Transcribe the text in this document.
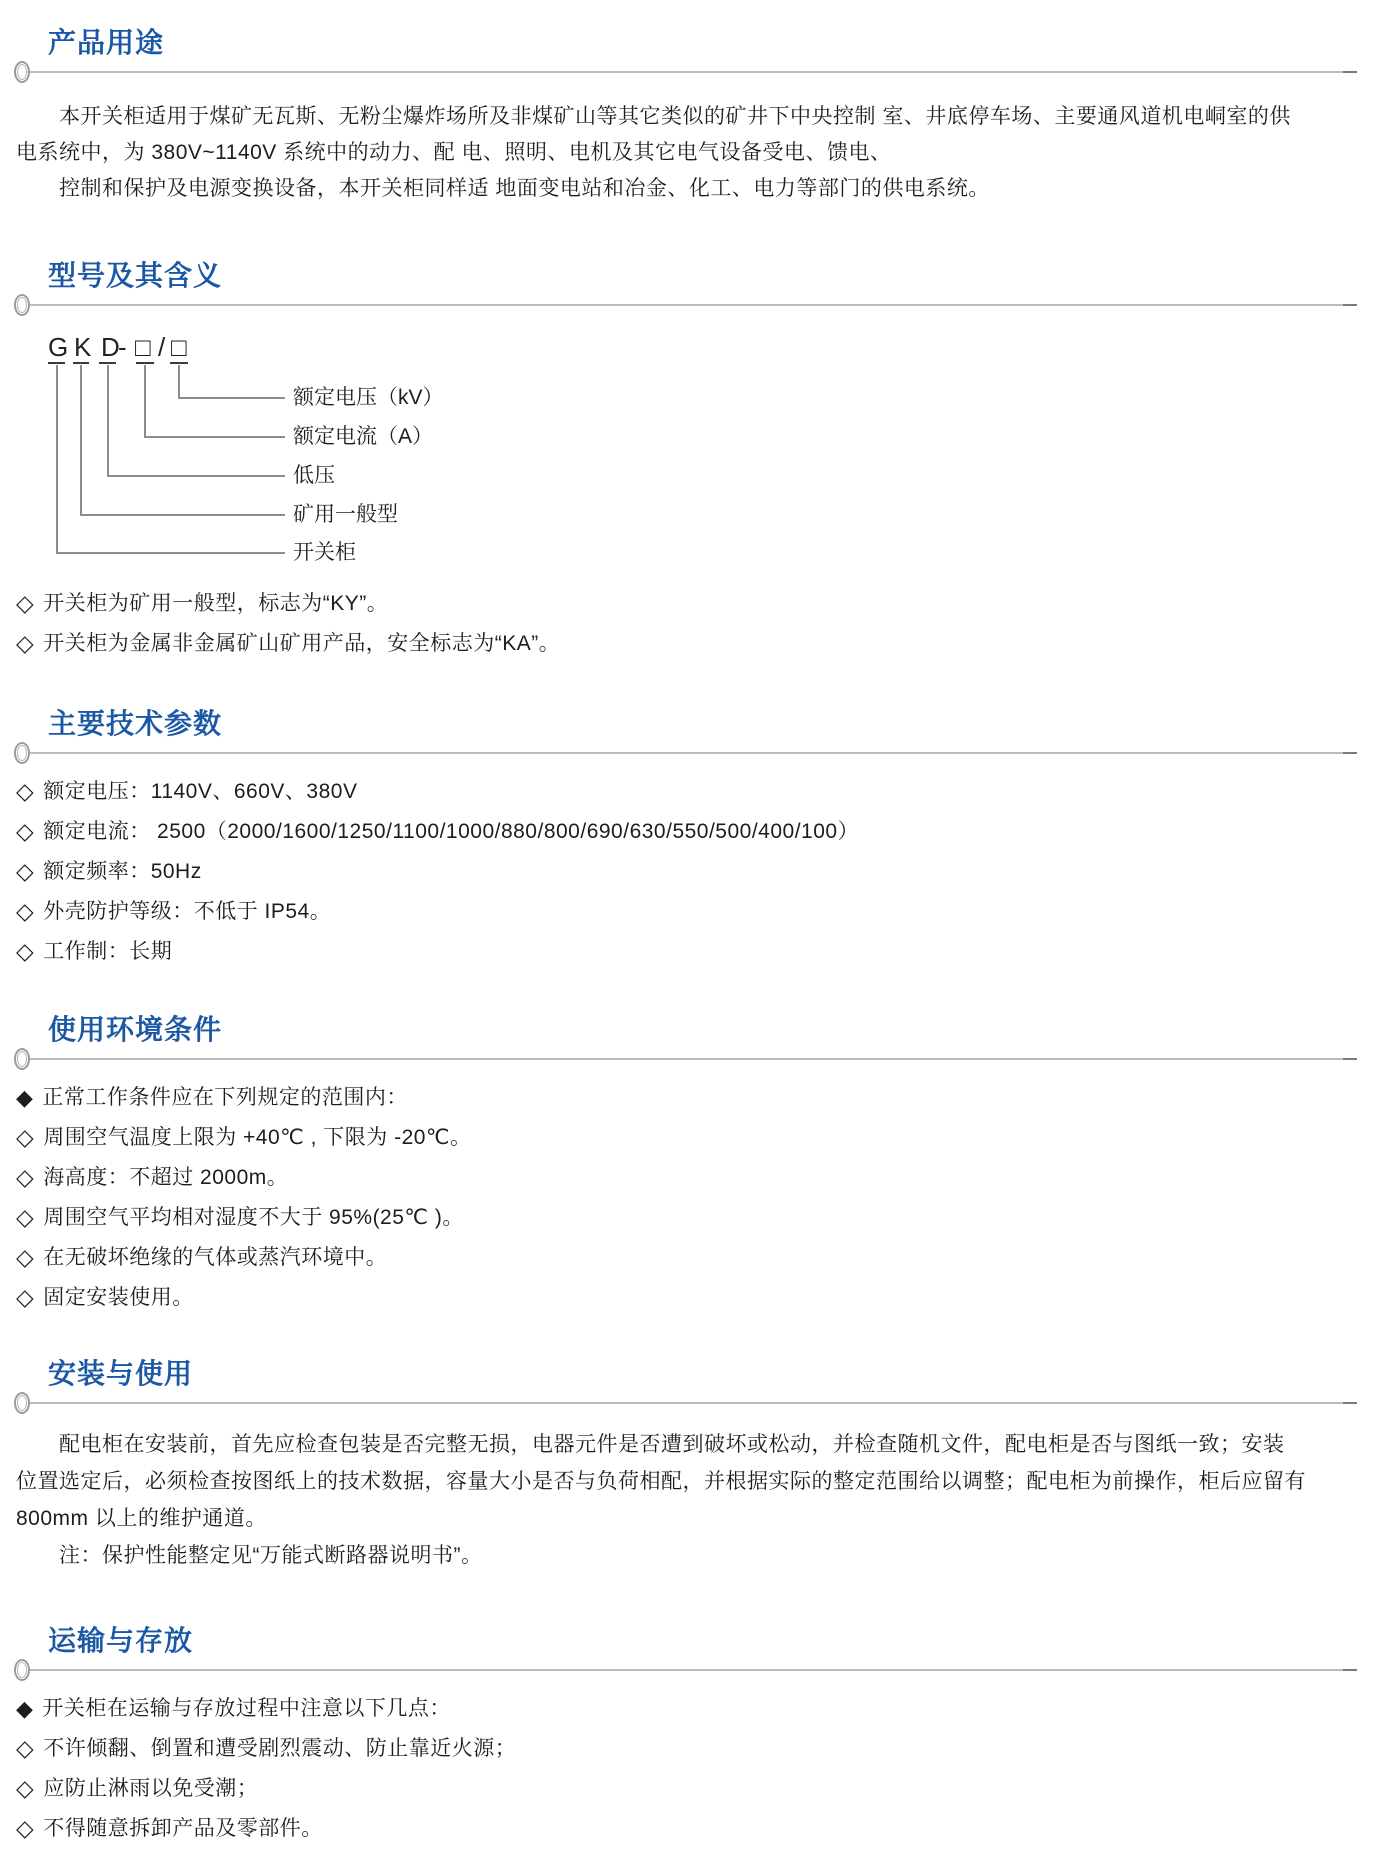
产品用途
本开关柜适用于煤矿无瓦斯、无粉尘爆炸场所及非煤矿山等其它类似的矿井下中央控制 室、井底停车场、主要通风道机电峒室的供
电系统中，为 380V~1140V 系统中的动力、配 电、照明、电机及其它电气设备受电、馈电、
控制和保护及电源变换设备，本开关柜同样适 地面变电站和冶金、化工、电力等部门的供电系统。
型号及其含义
G K D
- □ / □
额定电压（kV）
额定电流（A）
低压
矿用一般型
开关柜

◇ 开关柜为矿用一般型，标志为“KY”。

◇ 开关柜为金属非金属矿山矿用产品，安全标志为“KA”。

主要技术参数

◇ 额定电压：1140V、660V、380V

◇ 额定电流： 2500（2000/1600/1250/1100/1000/880/800/690/630/550/500/400/100）

◇ 额定频率：50Hz

◇ 外壳防护等级：不低于 IP54。

◇ 工作制：长期

使用环境条件

◆ 正常工作条件应在下列规定的范围内：

◇ 周围空气温度上限为 +40℃ , 下限为 -20℃。

◇ 海高度：不超过 2000m。

◇ 周围空气平均相对湿度不大于 95%(25℃ )。

◇ 在无破坏绝缘的气体或蒸汽环境中。

◇ 固定安装使用。

安装与使用
配电柜在安装前，首先应检查包装是否完整无损，电器元件是否遭到破坏或松动，并检查随机文件，配电柜是否与图纸一致；安装
位置选定后，必须检查按图纸上的技术数据，容量大小是否与负荷相配，并根据实际的整定范围给以调整；配电柜为前操作，柜后应留有
800mm 以上的维护通道。
注：保护性能整定见“万能式断路器说明书”。
运输与存放

◆ 开关柜在运输与存放过程中注意以下几点：

◇ 不许倾翻、倒置和遭受剧烈震动、防止靠近火源；

◇ 应防止淋雨以免受潮；

◇ 不得随意拆卸产品及零部件。
